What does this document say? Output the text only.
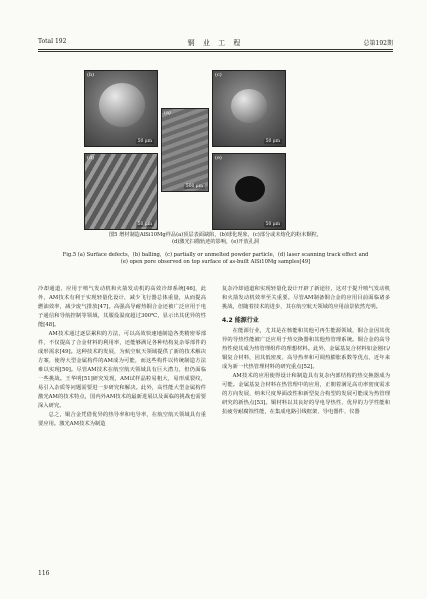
Total 192	铜 业 工 程	总第192期
(b)
50 μm
(a)
500 μm
(c)
50 μm
(d)
50 μm
(e)
50 μm
图5 增材制造AlSi10Mg样品(a)顶层表面缺陷，(b)球化现象，(c)部分或未熔化的粉末颗粒，
(d)激光扫描轨迹的影响，(e)开放孔洞
Fig.5 (a) Surface defects，(b) balling，(c) partially or unmelted powder particle，(d) laser scanning track effect and
(e) open pore observed on top surface of as-built AlSi10Mg samples[49]

冷却通道，应用于喷气发动机和火箭发动机的高效冷却系统[46]，此外，AM技术有利于实现轻量化设计，减少飞行器总体重量，从而提高燃油效率，减少废气排放[47]。高强高导耐热铜合金还被广泛应用于电子通信和导航控制等领域，其服役温度超过300℃，显示出其优异的性能[48]。

AM技术通过逐层累积的方法，可以高效快速地制造各类精密零部件，不仅提高了合金材料的利用率，还能够满足各种结构复杂零部件的成形需求[49]。这种技术的发展，为航空航天领域提供了新的技术解决方案，使得大型金属构件的AM成为可能，而这些构件以传统制造方法难以实现[50]。尽管AM技术在航空航天领域具有巨大潜力，但仍面临一些挑战。王华明[51]研究发现，AM试样晶粒易粗大，易形成裂纹，易引入杂质等问题需要进一步研究和解决。此外，高性能大型金属构件激光AM的技术特点，国内外AM技术的最新进展以及面临的挑战也需要深入研究。

总之，铜合金凭借优异的热导率和电导率，在航空航天领域具有重要应用。激光AM技术为制造

复杂冷却通道和实现轻量化设计开辟了新途径，这对于提升喷气发动机和火箭发动机效率至关重要。尽管AM制备铜合金的应用目前面临诸多挑战，但随着技术的进步，其在航空航天领域的应用前景依然光明。

4.2 能源行业

在能源行业，尤其是在核能和其他可再生能源领域，铜合金因其优异的导热性能被广泛应用于热交换器和其他热管理系统。铜合金的高导热性使其成为热管理组件的理想材料。此外，金属基复合材料如金刚石/铜复合材料，因其低密度、高导热率和可调热膨胀系数等优点，近年来成为新一代热管理材料的研究重点[52]。

AM技术的应用使得设计和制造具有复杂内部结构的热交换器成为可能。金属基复合材料在热管理中的应用，正朝着满足高功率密度需求的方向发展，纳米尺度界面改性和新型复合构型的发展可能成为热管理研究的新热点[53]。铜材料以其良好的导电导热性、优异的力学性能和抗疲劳耐腐蚀性能，在集成电路引线框架、导电器件、仪器

116
